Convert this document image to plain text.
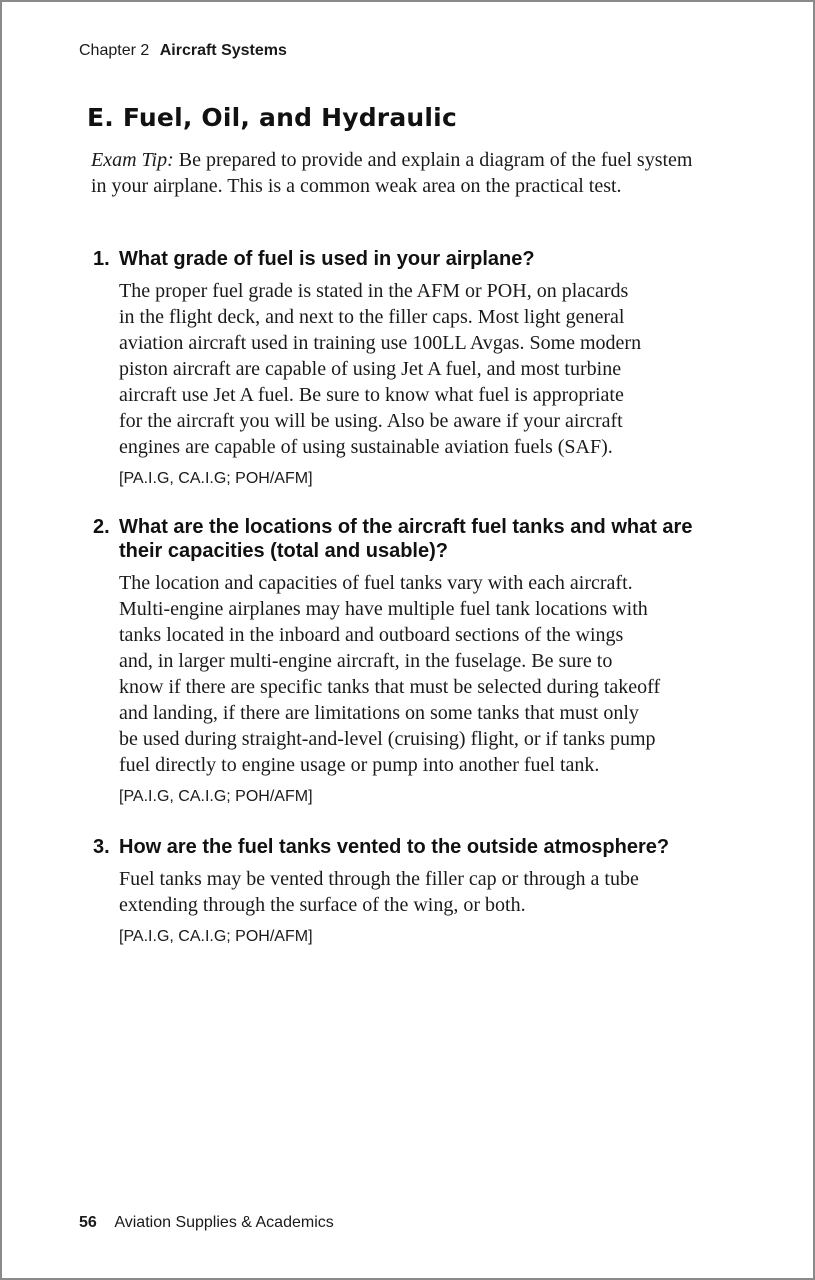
Chapter 2 Aircraft Systems
E. Fuel, Oil, and Hydraulic

Exam Tip: Be prepared to provide and explain a diagram of the fuel system in your airplane. This is a common weak area on the practical test.

1. What grade of fuel is used in your airplane?

The proper fuel grade is stated in the AFM or POH, on placards
in the flight deck, and next to the filler caps. Most light general
aviation aircraft used in training use 100LL Avgas. Some modern
piston aircraft are capable of using Jet A fuel, and most turbine
aircraft use Jet A fuel. Be sure to know what fuel is appropriate
for the aircraft you will be using. Also be aware if your aircraft
engines are capable of using sustainable aviation fuels (SAF).

[PA.I.G, CA.I.G; POH/AFM]

2. What are the locations of the aircraft fuel tanks and what are their capacities (total and usable)?

The location and capacities of fuel tanks vary with each aircraft.
Multi-engine airplanes may have multiple fuel tank locations with
tanks located in the inboard and outboard sections of the wings
and, in larger multi-engine aircraft, in the fuselage. Be sure to
know if there are specific tanks that must be selected during takeoff
and landing, if there are limitations on some tanks that must only
be used during straight-and-level (cruising) flight, or if tanks pump
fuel directly to engine usage or pump into another fuel tank.

[PA.I.G, CA.I.G; POH/AFM]

3. How are the fuel tanks vented to the outside atmosphere?

Fuel tanks may be vented through the filler cap or through a tube
extending through the surface of the wing, or both.

[PA.I.G, CA.I.G; POH/AFM]

56 Aviation Supplies & Academics
